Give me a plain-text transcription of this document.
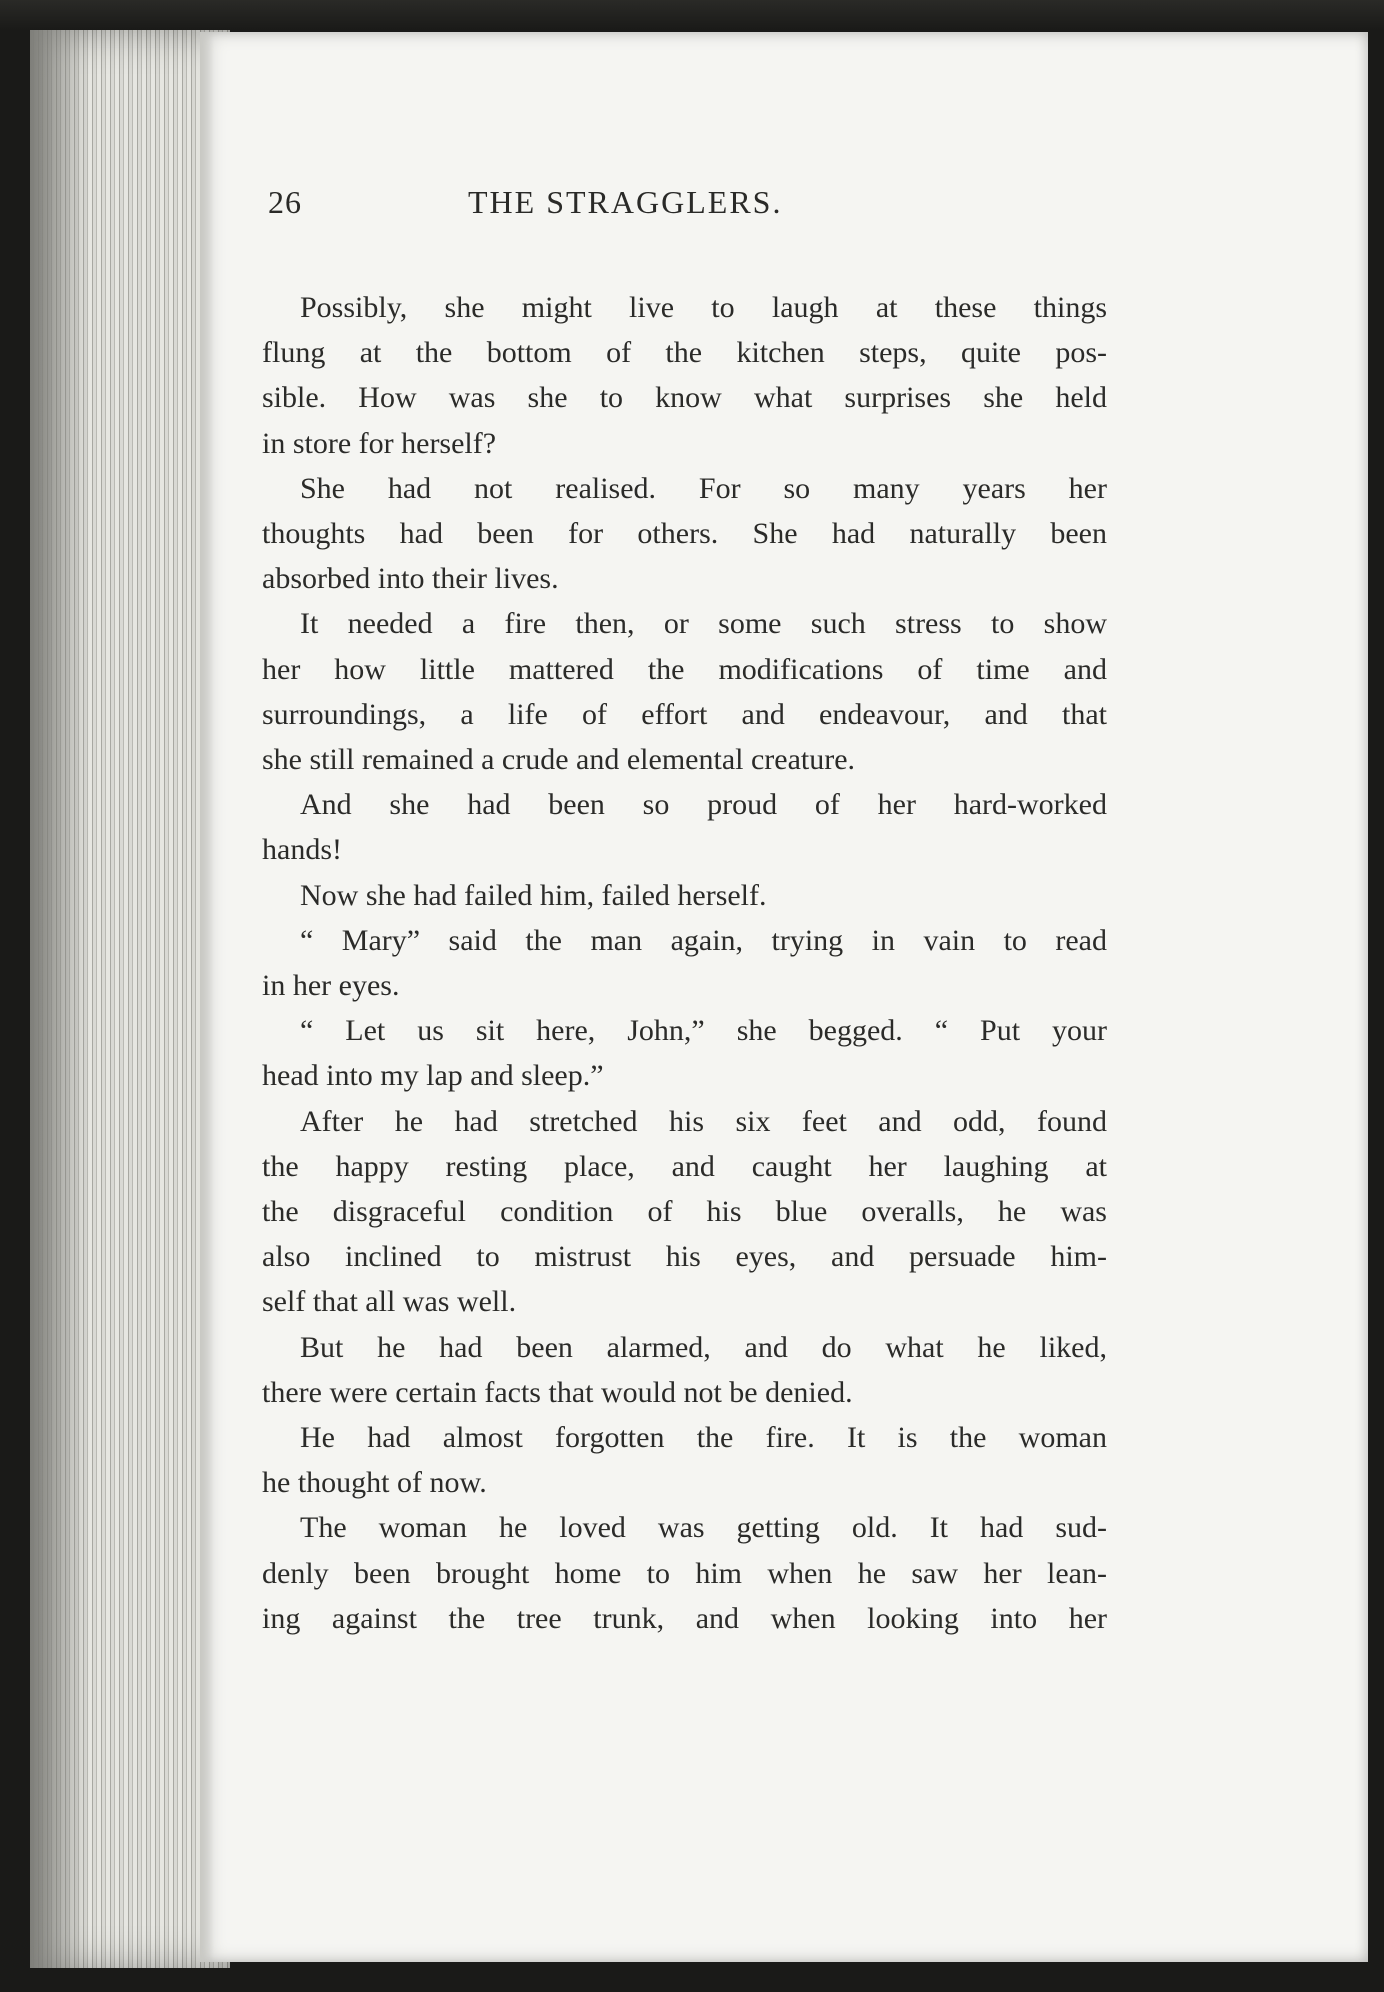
26	THE STRAGGLERS.
Possibly, she might live to laugh at these things
flung at the bottom of the kitchen steps, quite pos-
sible. How was she to know what surprises she held
in store for herself?
She had not realised. For so many years her
thoughts had been for others. She had naturally been
absorbed into their lives.
It needed a fire then, or some such stress to show
her how little mattered the modifications of time and
surroundings, a life of effort and endeavour, and that
she still remained a crude and elemental creature.
And she had been so proud of her hard-worked
hands!
Now she had failed him, failed herself.
“ Mary” said the man again, trying in vain to read
in her eyes.
“ Let us sit here, John,” she begged. “ Put your
head into my lap and sleep.”
After he had stretched his six feet and odd, found
the happy resting place, and caught her laughing at
the disgraceful condition of his blue overalls, he was
also inclined to mistrust his eyes, and persuade him-
self that all was well.
But he had been alarmed, and do what he liked,
there were certain facts that would not be denied.
He had almost forgotten the fire. It is the woman
he thought of now.
The woman he loved was getting old. It had sud-
denly been brought home to him when he saw her lean-
ing against the tree trunk, and when looking into her
